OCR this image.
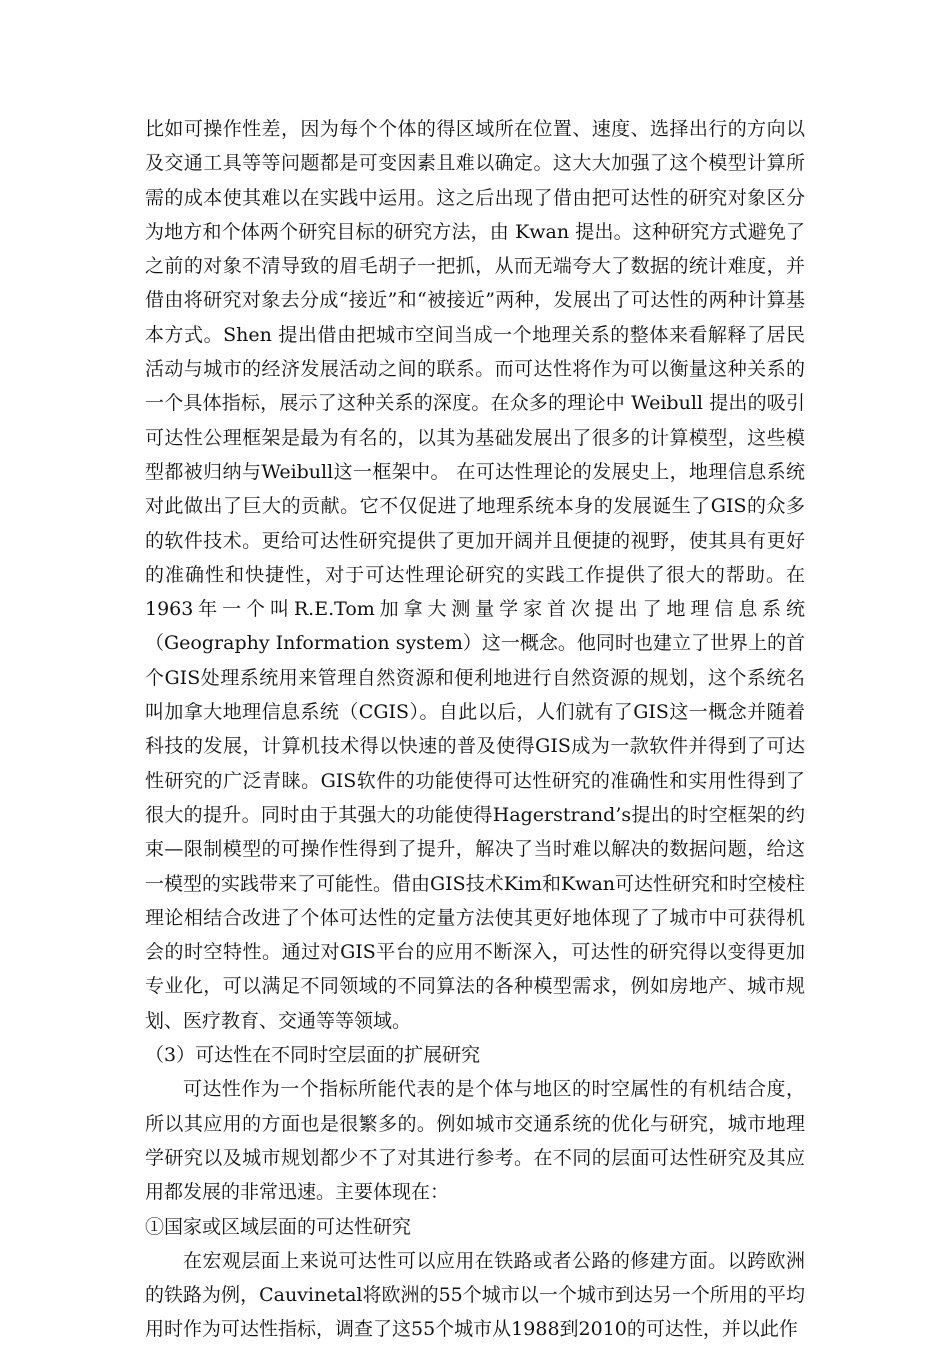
比如可操作性差，因为每个个体的得区域所在位置、速度、选择出行的方向以及交通工具等等问题都是可变因素且难以确定。这大大加强了这个模型计算所需的成本使其难以在实践中运用。这之后出现了借由把可达性的研究对象区分为地方和个体两个研究目标的研究方法，由 Kwan 提出。这种研究方式避免了之前的对象不清导致的眉毛胡子一把抓，从而无端夸大了数据的统计难度，并借由将研究对象去分成“接近”和“被接近”两种，发展出了可达性的两种计算基本方式。Shen 提出借由把城市空间当成一个地理关系的整体来看解释了居民活动与城市的经济发展活动之间的联系。而可达性将作为可以衡量这种关系的一个具体指标，展示了这种关系的深度。在众多的理论中 Weibull 提出的吸引可达性公理框架是最为有名的，以其为基础发展出了很多的计算模型，这些模型都被归纳与Weibull这一框架中。 在可达性理论的发展史上，地理信息系统对此做出了巨大的贡献。它不仅促进了地理系统本身的发展诞生了GIS的众多的软件技术。更给可达性研究提供了更加开阔并且便捷的视野，使其具有更好的准确性和快捷性，对于可达性理论研究的实践工作提供了很大的帮助。在1963年一个叫R.E.Tom加拿大测量学家首次提出了地理信息系统（Geography Information system）这一概念。他同时也建立了世界上的首个GIS处理系统用来管理自然资源和便利地进行自然资源的规划，这个系统名叫加拿大地理信息系统（CGIS）。自此以后，人们就有了GIS这一概念并随着科技的发展，计算机技术得以快速的普及使得GIS成为一款软件并得到了可达性研究的广泛青睐。GIS软件的功能使得可达性研究的准确性和实用性得到了很大的提升。同时由于其强大的功能使得Hagerstrand’s提出的时空框架的约束—限制模型的可操作性得到了提升，解决了当时难以解决的数据问题，给这一模型的实践带来了可能性。借由GIS技术Kim和Kwan可达性研究和时空棱柱理论相结合改进了个体可达性的定量方法使其更好地体现了了城市中可获得机会的时空特性。通过对GIS平台的应用不断深入，可达性的研究得以变得更加专业化，可以满足不同领域的不同算法的各种模型需求，例如房地产、城市规划、医疗教育、交通等等领域。

（3）可达性在不同时空层面的扩展研究

可达性作为一个指标所能代表的是个体与地区的时空属性的有机结合度，所以其应用的方面也是很繁多的。例如城市交通系统的优化与研究，城市地理学研究以及城市规划都少不了对其进行参考。在不同的层面可达性研究及其应用都发展的非常迅速。主要体现在：

①国家或区域层面的可达性研究

在宏观层面上来说可达性可以应用在铁路或者公路的修建方面。以跨欧洲的铁路为例，Cauvinetal将欧洲的55个城市以一个城市到达另一个所用的平均用时作为可达性指标，调查了这55个城市从1988到2010的可达性，并以此作
